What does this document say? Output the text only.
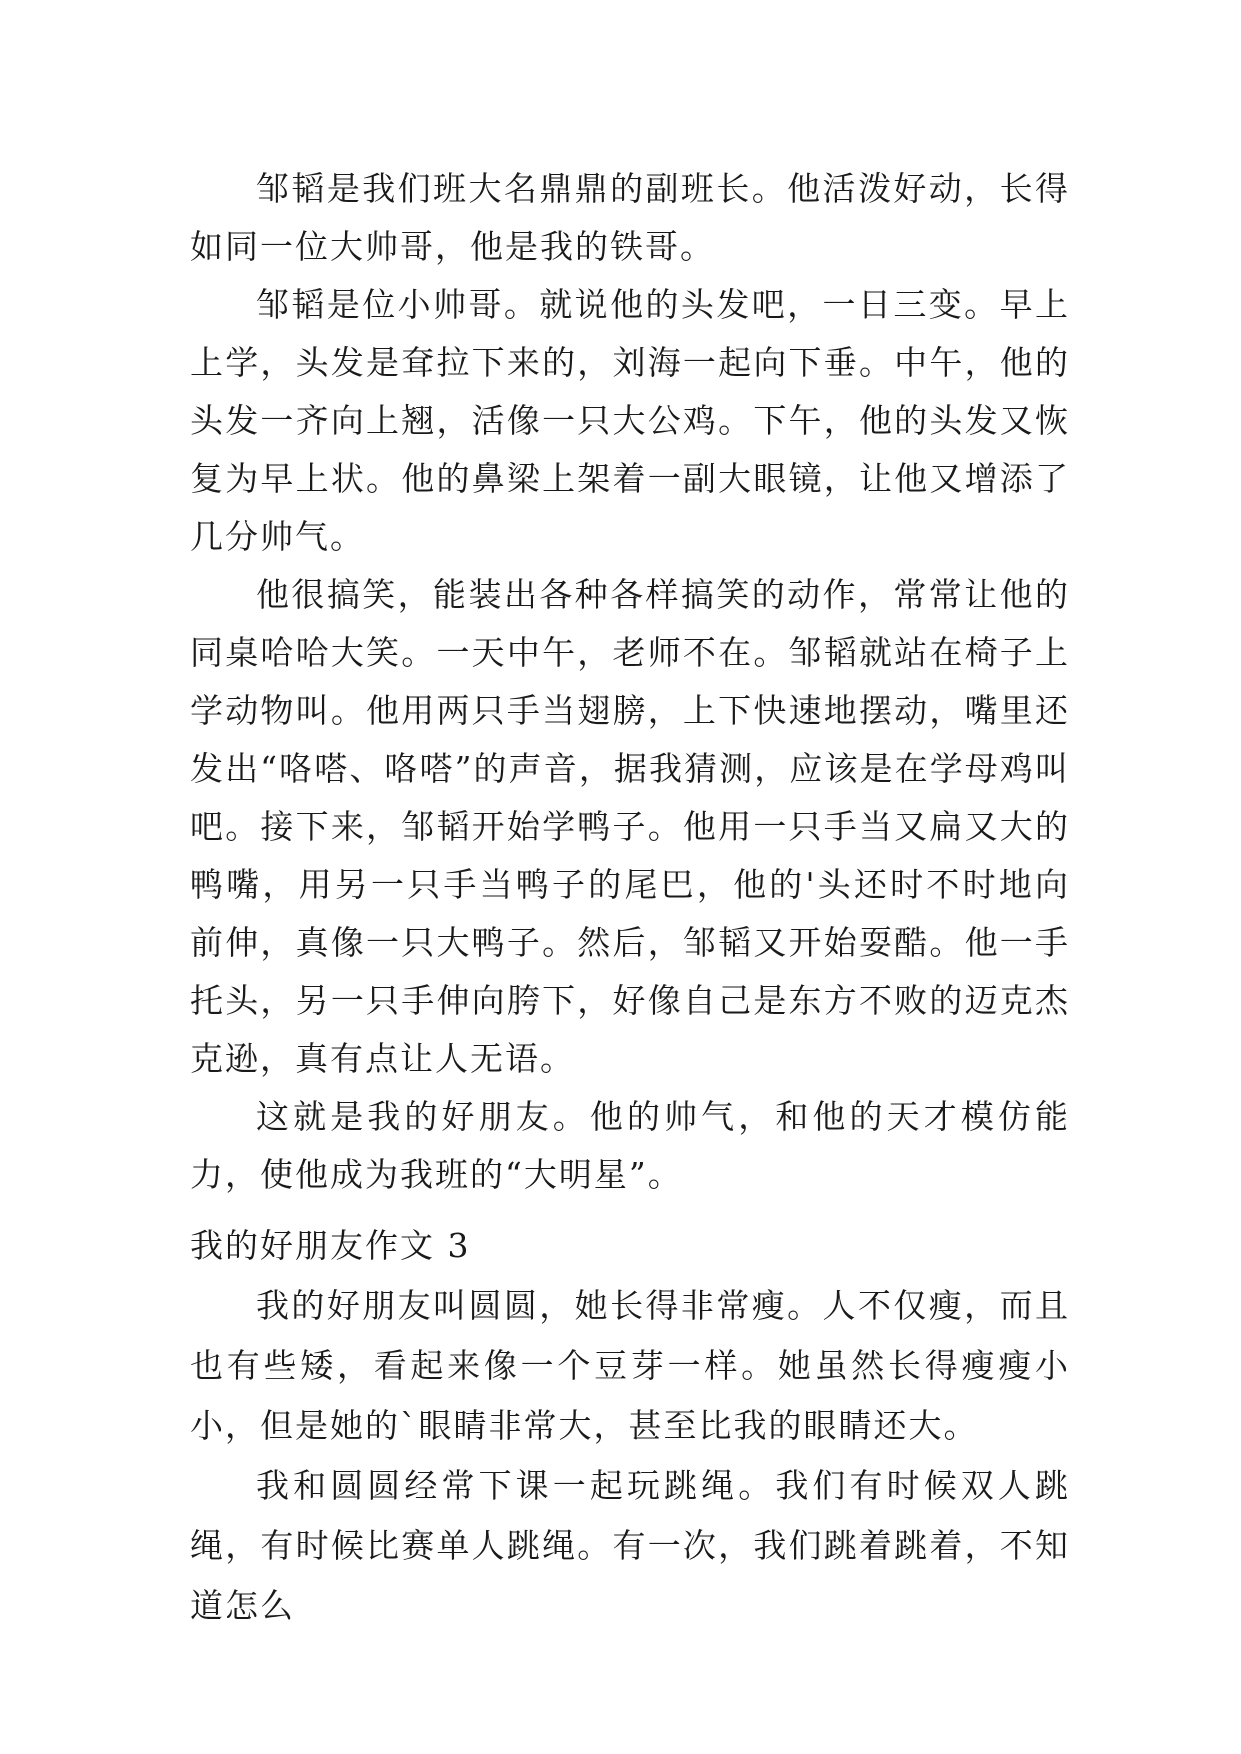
邹韬是我们班大名鼎鼎的副班长。他活泼好动，长得如同一位大帅哥，他是我的铁哥。

邹韬是位小帅哥。就说他的头发吧，一日三变。早上上学，头发是耷拉下来的，刘海一起向下垂。中午，他的头发一齐向上翘，活像一只大公鸡。下午，他的头发又恢复为早上状。他的鼻梁上架着一副大眼镜，让他又增添了几分帅气。

他很搞笑，能装出各种各样搞笑的动作，常常让他的同桌哈哈大笑。一天中午，老师不在。邹韬就站在椅子上学动物叫。他用两只手当翅膀，上下快速地摆动，嘴里还发出“咯嗒、咯嗒”的声音，据我猜测，应该是在学母鸡叫吧。接下来，邹韬开始学鸭子。他用一只手当又扁又大的鸭嘴，用另一只手当鸭子的尾巴，他的'头还时不时地向前伸，真像一只大鸭子。然后，邹韬又开始耍酷。他一手托头，另一只手伸向胯下，好像自己是东方不败的迈克杰克逊，真有点让人无语。

这就是我的好朋友。他的帅气，和他的天才模仿能力，使他成为我班的“大明星”。

我的好朋友作文 3

我的好朋友叫圆圆，她长得非常瘦。人不仅瘦，而且也有些矮，看起来像一个豆芽一样。她虽然长得瘦瘦小小，但是她的`眼睛非常大，甚至比我的眼睛还大。

我和圆圆经常下课一起玩跳绳。我们有时候双人跳绳，有时候比赛单人跳绳。有一次，我们跳着跳着，不知道怎么
